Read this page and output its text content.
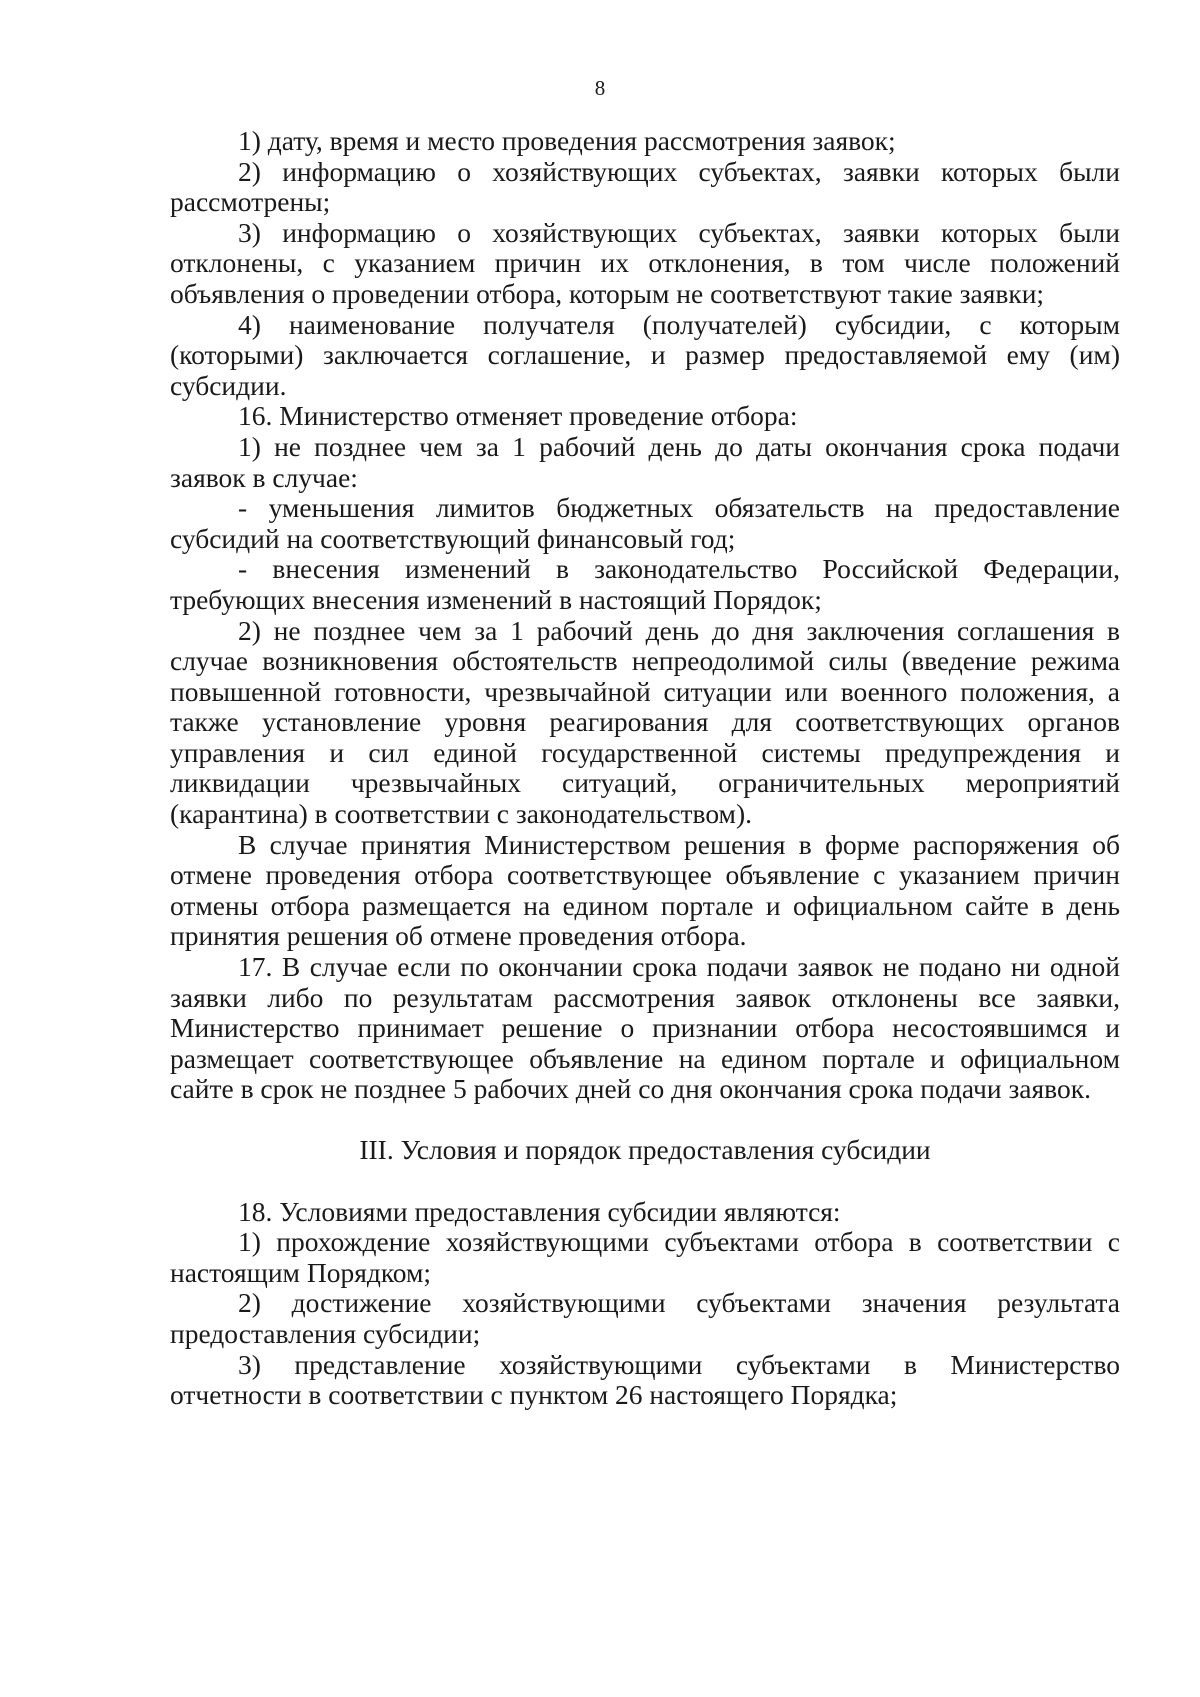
8

1) дату, время и место проведения рассмотрения заявок;

2) информацию о хозяйствующих субъектах, заявки которых были рассмотрены;

3) информацию о хозяйствующих субъектах, заявки которых были отклонены, с указанием причин их отклонения, в том числе положений объявления о проведении отбора, которым не соответствуют такие заявки;

4) наименование получателя (получателей) субсидии, с которым (которыми) заключается соглашение, и размер предоставляемой ему (им) субсидии.

16. Министерство отменяет проведение отбора:

1) не позднее чем за 1 рабочий день до даты окончания срока подачи заявок в случае:

- уменьшения лимитов бюджетных обязательств на предоставление субсидий на соответствующий финансовый год;

- внесения изменений в законодательство Российской Федерации, требующих внесения изменений в настоящий Порядок;

2) не позднее чем за 1 рабочий день до дня заключения соглашения в случае возникновения обстоятельств непреодолимой силы (введение режима повышенной готовности, чрезвычайной ситуации или военного положения, а также установление уровня реагирования для соответствующих органов управления и сил единой государственной системы предупреждения и ликвидации чрезвычайных ситуаций, ограничительных мероприятий (карантина) в соответствии с законодательством).

В случае принятия Министерством решения в форме распоряжения об отмене проведения отбора соответствующее объявление с указанием причин отмены отбора размещается на едином портале и официальном сайте в день принятия решения об отмене проведения отбора.

17. В случае если по окончании срока подачи заявок не подано ни одной заявки либо по результатам рассмотрения заявок отклонены все заявки, Министерство принимает решение о признании отбора несостоявшимся и размещает соответствующее объявление на едином портале и официальном сайте в срок не позднее 5 рабочих дней со дня окончания срока подачи заявок.

III. Условия и порядок предоставления субсидии

18. Условиями предоставления субсидии являются:

1) прохождение хозяйствующими субъектами отбора в соответствии с настоящим Порядком;

2) достижение хозяйствующими субъектами значения результата предоставления субсидии;

3) представление хозяйствующими субъектами в Министерство отчетности в соответствии с пунктом 26 настоящего Порядка;
